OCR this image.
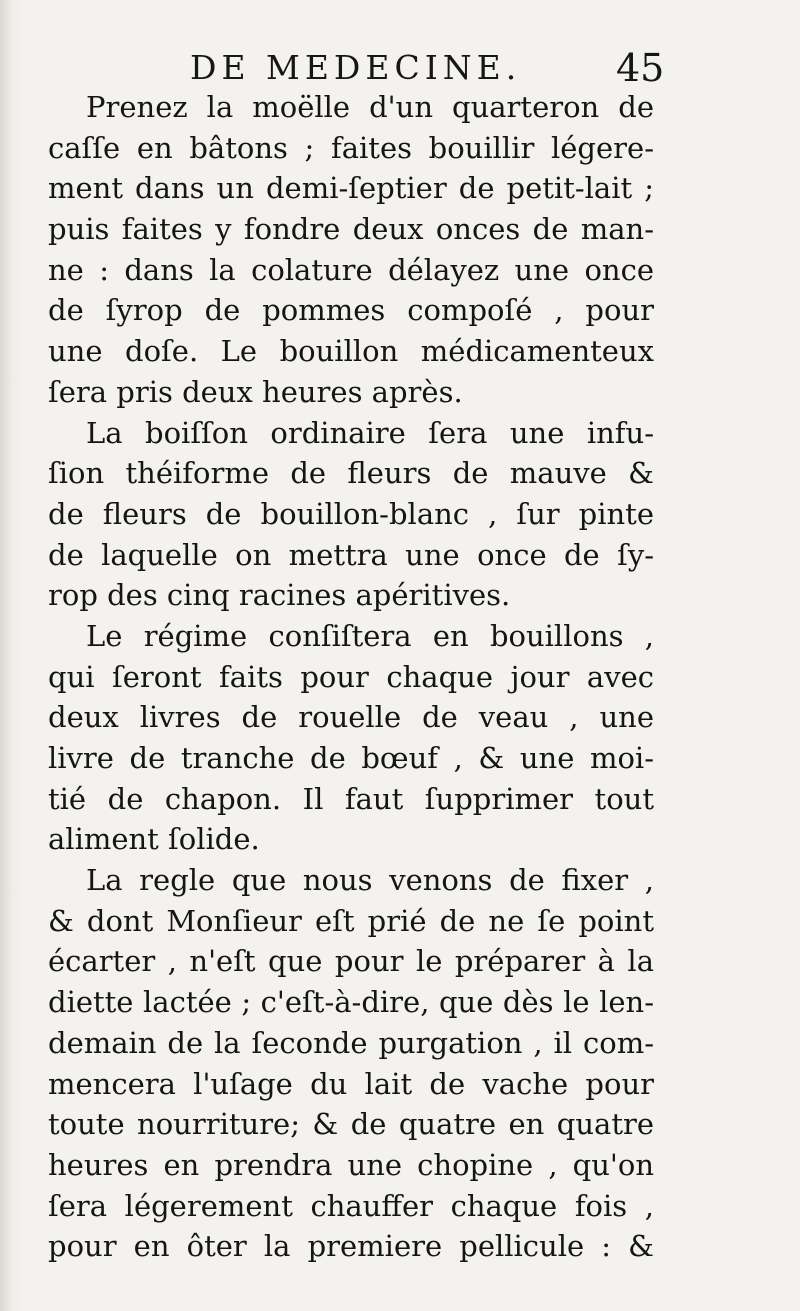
DE MEDECINE. 45
Prenez la moëlle d'un quarteron de
caſſe en bâtons ; faites bouillir légere-
ment dans un demi-ſeptier de petit-lait ;
puis faites y fondre deux onces de man-
ne : dans la colature délayez une once
de ſyrop de pommes compoſé , pour
une doſe. Le bouillon médicamenteux
ſera pris deux heures après.
La boiſſon ordinaire ſera une infu-
ſion théiforme de fleurs de mauve &
de fleurs de bouillon-blanc , ſur pinte
de laquelle on mettra une once de ſy-
rop des cinq racines apéritives.
Le régime conſiſtera en bouillons ,
qui ſeront faits pour chaque jour avec
deux livres de rouelle de veau , une
livre de tranche de bœuf , & une moi-
tié de chapon. Il faut ſupprimer tout
aliment ſolide.
La regle que nous venons de fixer ,
& dont Monſieur eſt prié de ne ſe point
écarter , n'eſt que pour le préparer à la
diette lactée ; c'eſt-à-dire, que dès le len-
demain de la ſeconde purgation , il com-
mencera l'uſage du lait de vache pour
toute nourriture; & de quatre en quatre
heures en prendra une chopine , qu'on
ſera légerement chauffer chaque fois ,
pour en ôter la premiere pellicule : &
